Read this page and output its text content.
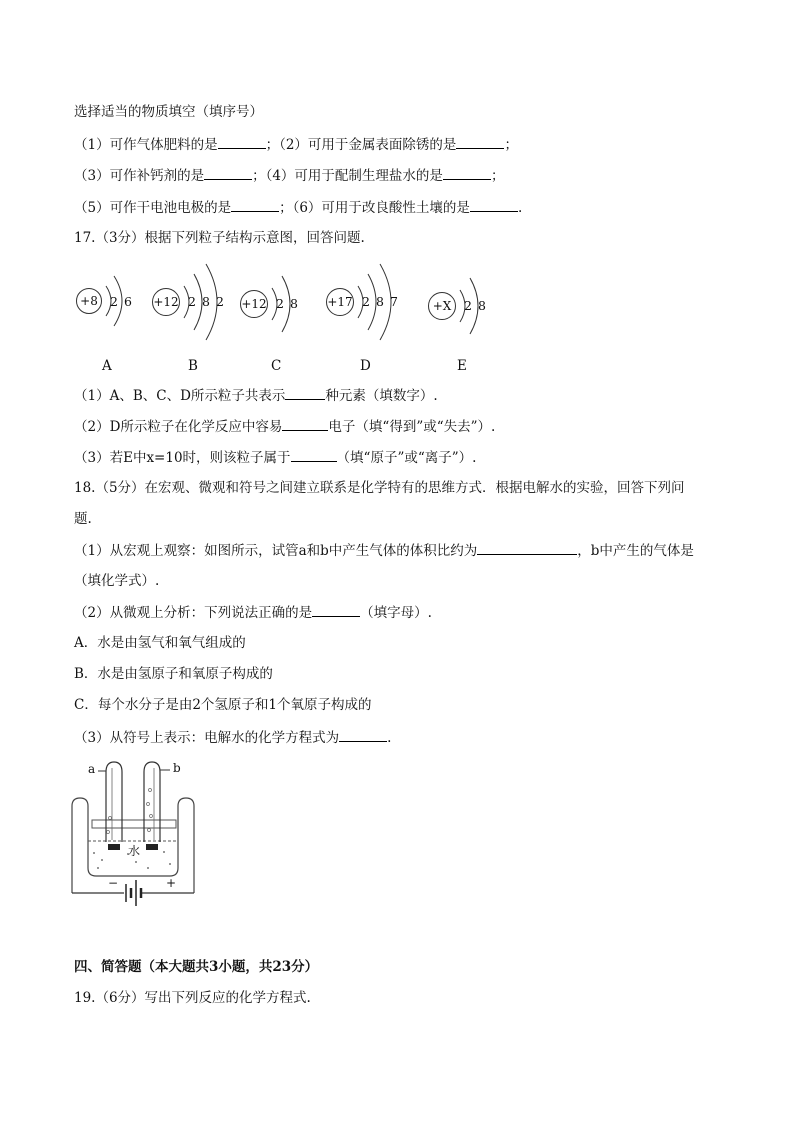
选择适当的物质填空（填序号）
（1）可作气体肥料的是	；（2）可用于金属表面除锈的是	；
（3）可作补钙剂的是	；（4）可用于配制生理盐水的是	；
（5）可作干电池电极的是	；（6）可用于改良酸性土壤的是	.
17.（3分）根据下列粒子结构示意图，回答问题.
+8 2 6 +12 2 8 2 +12 2 8 +17 2 8 7	+X	2 8
A	B	C	D	E
（1）A、B、C、D所示粒子共表示	种元素（填数字）.
（2）D所示粒子在化学反应中容易	电子（填“得到”或“失去”）.
（3）若E中x=10时，则该粒子属于	（填“原子”或“离子”）.
18.（5分）在宏观、微观和符号之间建立联系是化学特有的思维方式．根据电解水的实验，回答下列问
题.
（1）从宏观上观察：如图所示，试管a和b中产生气体的体积比约为	，b中产生的气体是
（填化学式）.
（2）从微观上分析：下列说法正确的是	（填字母）.
A．水是由氢气和氧气组成的
B．水是由氢原子和氧原子构成的
C．每个水分子是由2个氢原子和1个氧原子构成的
（3）从符号上表示：电解水的化学方程式为	.
a	b
水
−	+
四、简答题（本大题共3小题，共23分）
19.（6分）写出下列反应的化学方程式.
